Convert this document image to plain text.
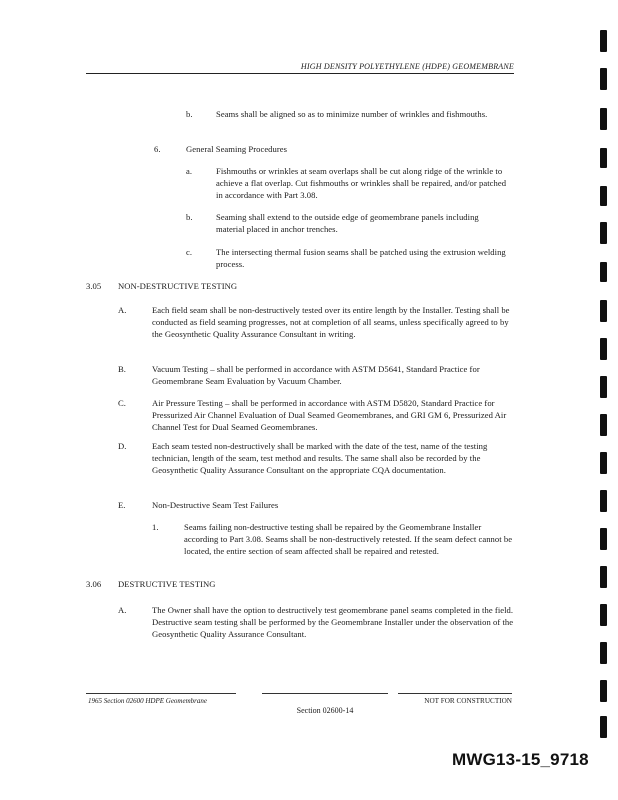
HIGH DENSITY POLYETHYLENE (HDPE) GEOMEMBRANE
b.	Seams shall be aligned so as to minimize number of wrinkles and fishmouths.
6.	General Seaming Procedures
a.	Fishmouths or wrinkles at seam overlaps shall be cut along ridge of the wrinkle to achieve a flat overlap. Cut fishmouths or wrinkles shall be repaired, and/or patched in accordance with Part 3.08.
b.	Seaming shall extend to the outside edge of geomembrane panels including material placed in anchor trenches.
c.	The intersecting thermal fusion seams shall be patched using the extrusion welding process.
3.05 NON-DESTRUCTIVE TESTING
A.	Each field seam shall be non-destructively tested over its entire length by the Installer. Testing shall be conducted as field seaming progresses, not at completion of all seams, unless specifically agreed to by the Geosynthetic Quality Assurance Consultant in writing.
B.	Vacuum Testing – shall be performed in accordance with ASTM D5641, Standard Practice for Geomembrane Seam Evaluation by Vacuum Chamber.
C.	Air Pressure Testing – shall be performed in accordance with ASTM D5820, Standard Practice for Pressurized Air Channel Evaluation of Dual Seamed Geomembranes, and GRI GM 6, Pressurized Air Channel Test for Dual Seamed Geomembranes.
D.	Each seam tested non-destructively shall be marked with the date of the test, name of the testing technician, length of the seam, test method and results. The same shall also be recorded by the Geosynthetic Quality Assurance Consultant on the appropriate CQA documentation.
E.	Non-Destructive Seam Test Failures
1.	Seams failing non-destructive testing shall be repaired by the Geomembrane Installer according to Part 3.08. Seams shall be non-destructively retested. If the seam defect cannot be located, the entire section of seam affected shall be repaired and retested.
3.06 DESTRUCTIVE TESTING
A.	The Owner shall have the option to destructively test geomembrane panel seams completed in the field. Destructive seam testing shall be performed by the Geomembrane Installer under the observation of the Geosynthetic Quality Assurance Consultant.
1965 Section 02600 HDPE Geomembrane	NOT FOR CONSTRUCTION
Section 02600-14
MWG13-15_9718
